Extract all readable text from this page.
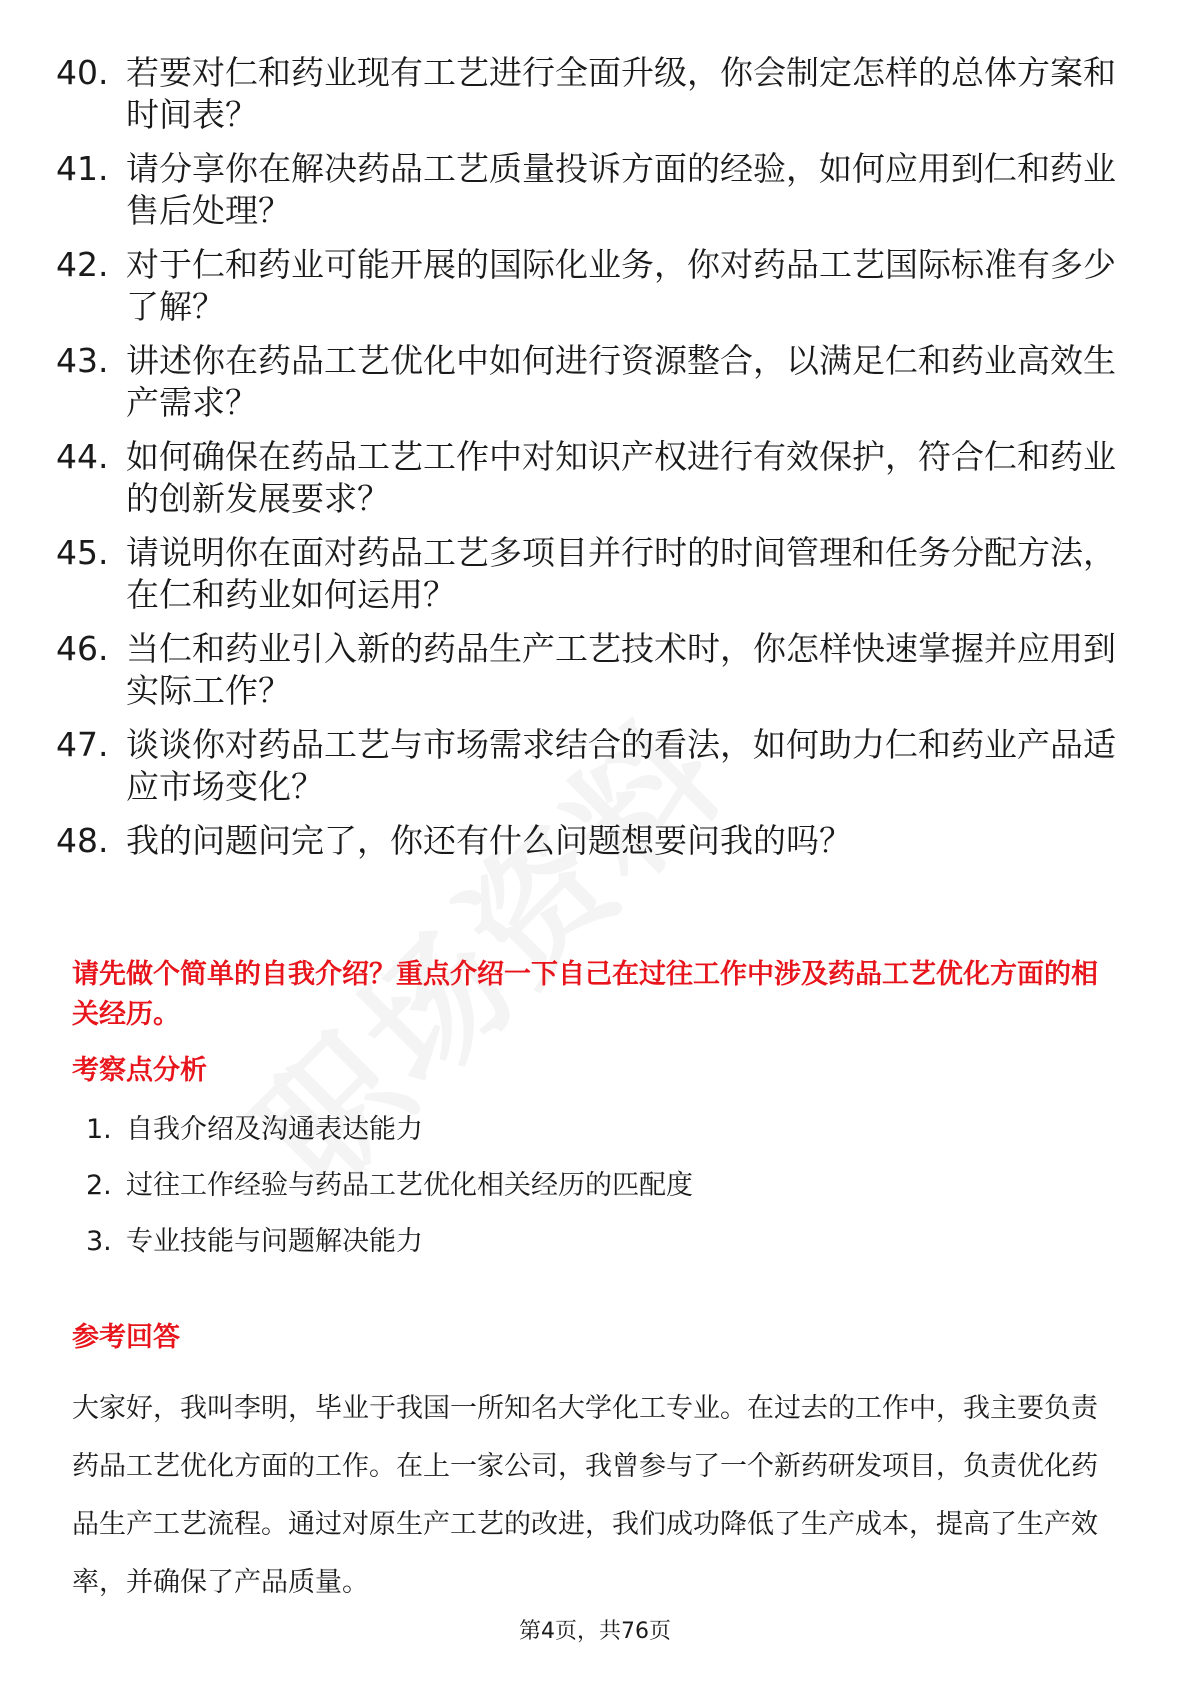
40. 若要对仁和药业现有工艺进行全面升级，你会制定怎样的总体方案和时间表？
41. 请分享你在解决药品工艺质量投诉方面的经验，如何应用到仁和药业售后处理？
42. 对于仁和药业可能开展的国际化业务，你对药品工艺国际标准有多少了解？
43. 讲述你在药品工艺优化中如何进行资源整合，以满足仁和药业高效生产需求？
44. 如何确保在药品工艺工作中对知识产权进行有效保护，符合仁和药业的创新发展要求？
45. 请说明你在面对药品工艺多项目并行时的时间管理和任务分配方法，在仁和药业如何运用？
46. 当仁和药业引入新的药品生产工艺技术时，你怎样快速掌握并应用到实际工作？
47. 谈谈你对药品工艺与市场需求结合的看法，如何助力仁和药业产品适应市场变化？
48. 我的问题问完了，你还有什么问题想要问我的吗？
请先做个简单的自我介绍？重点介绍一下自己在过往工作中涉及药品工艺优化方面的相关经历。
考察点分析
1. 自我介绍及沟通表达能力
2. 过往工作经验与药品工艺优化相关经历的匹配度
3. 专业技能与问题解决能力
参考回答
大家好，我叫李明，毕业于我国一所知名大学化工专业。在过去的工作中，我主要负责药品工艺优化方面的工作。在上一家公司，我曾参与了一个新药研发项目，负责优化药品生产工艺流程。通过对原生产工艺的改进，我们成功降低了生产成本，提高了生产效率，并确保了产品质量。
第4页，共76页
